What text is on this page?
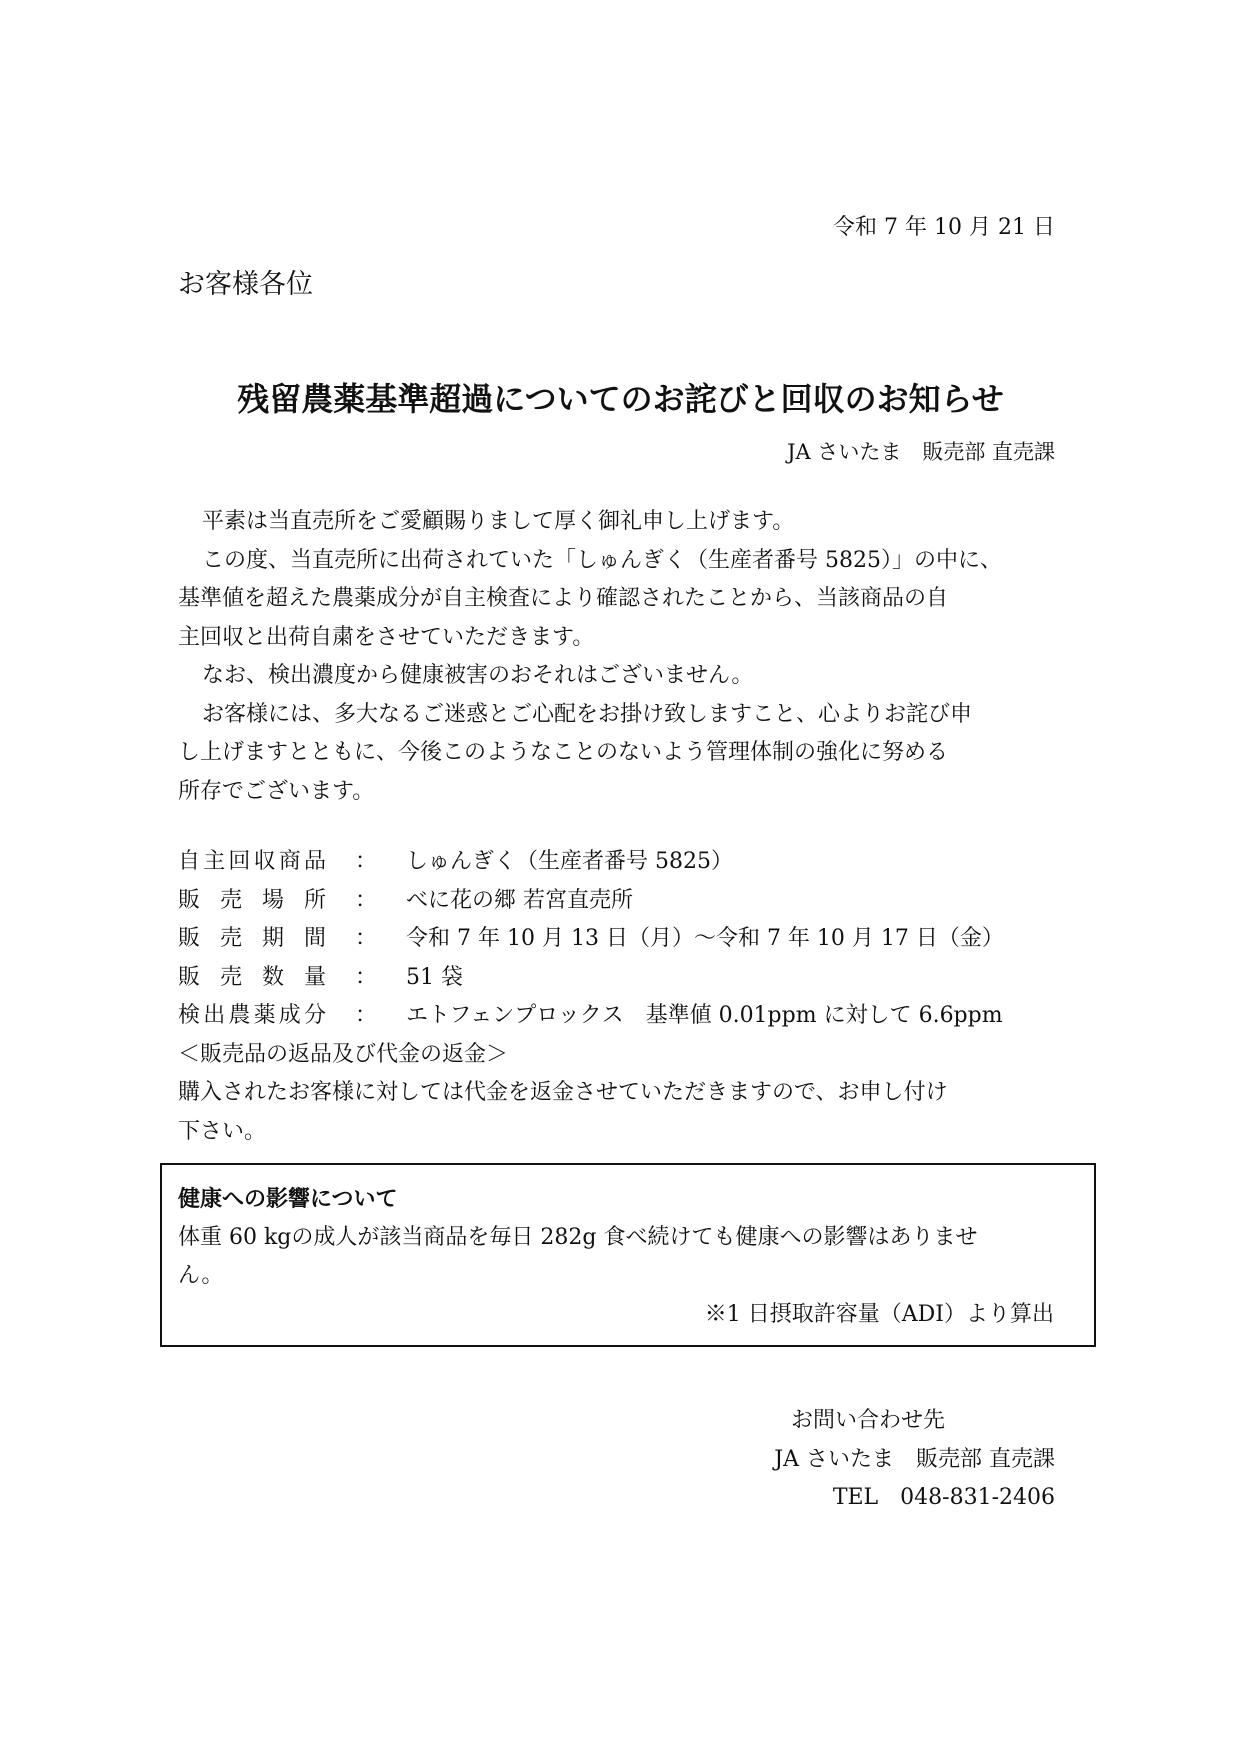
令和 7 年 10 月 21 日
お客様各位
残留農薬基準超過についてのお詫びと回収のお知らせ
JA さいたま　販売部 直売課

平素は当直売所をご愛顧賜りまして厚く御礼申し上げます。

この度、当直売所に出荷されていた「しゅんぎく（生産者番号 5825）」の中に、

基準値を超えた農薬成分が自主検査により確認されたことから、当該商品の自

主回収と出荷自粛をさせていただきます。

なお、検出濃度から健康被害のおそれはございません。

お客様には、多大なるご迷惑とご心配をお掛け致しますこと、心よりお詫び申

し上げますとともに、今後このようなことのないよう管理体制の強化に努める

所存でございます。

自 主 回 収 商 品	：	しゅんぎく（生産者番号 5825）
販 売 場 所	：	べに花の郷 若宮直売所
販 売 期 間	：	令和 7 年 10 月 13 日（月）～令和 7 年 10 月 17 日（金）
販 売 数 量	：	51 袋
検 出 農 薬 成 分	：	エトフェンプロックス　基準値 0.01ppm に対して 6.6ppm
＜販売品の返品及び代金の返金＞

購入されたお客様に対しては代金を返金させていただきますので、お申し付け

下さい。

健康への影響について
体重 60 kgの成人が該当商品を毎日 282g 食べ続けても健康への影響はありませ
ん。
※1 日摂取許容量（ADI）より算出
お問い合わせ先
JA さいたま　販売部 直売課
TEL　048-831-2406
